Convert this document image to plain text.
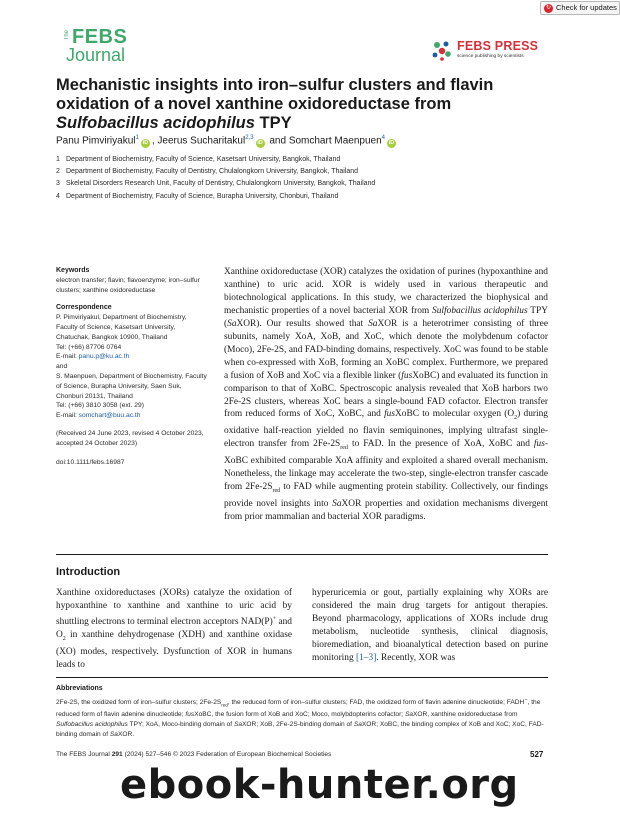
↻ Check for updates
The FEBS
Journal	FEBS PRESS
science publishing by scientists
Mechanistic insights into iron–sulfur clusters and flavin
oxidation of a novel xanthine oxidoreductase from
Sulfobacillus acidophilus TPY
Panu Pimviriyakul$^1$iD , Jeerus Sucharitakul$^{2,3}$iD and Somchart Maenpuen$^4$iD
1 Department of Biochemistry, Faculty of Science, Kasetsart University, Bangkok, Thailand
2 Department of Biochemistry, Faculty of Dentistry, Chulalongkorn University, Bangkok, Thailand
3 Skeletal Disorders Research Unit, Faculty of Dentistry, Chulalongkorn University, Bangkok, Thailand
4 Department of Biochemistry, Faculty of Science, Burapha University, Chonburi, Thailand
Keywords
electron transfer; flavin; flavoenzyme; iron–sulfur clusters; xanthine oxidoreductase
Correspondence
P. Pimviriyakul, Department of Biochemistry, Faculty of Science, Kasetsart University, Chatuchak, Bangkok 10900, Thailand
Tel: (+66) 87706 0764
E-mail: panu.p@ku.ac.th
and
S. Maenpuen, Department of Biochemistry, Faculty of Science, Burapha University, Saen Suk, Chonburi 20131, Thailand
Tel: (+66) 3810 3058 (ext. 29)
E-mail: somchart@buu.ac.th
(Received 24 June 2023, revised 4 October 2023, accepted 24 October 2023)
doi:10.1111/febs.16987

Xanthine oxidoreductase (XOR) catalyzes the oxidation of purines (hypoxanthine and xanthine) to uric acid. XOR is widely used in various therapeutic and biotechnological applications. In this study, we characterized the biophysical and mechanistic properties of a novel bacterial XOR from Sulfobacillus acidophilus TPY (SaXOR). Our results showed that SaXOR is a heterotrimer consisting of three subunits, namely XoA, XoB, and XoC, which denote the molybdenum cofactor (Moco), 2Fe-2S, and FAD-binding domains, respectively. XoC was found to be stable when co-expressed with XoB, forming an XoBC complex. Furthermore, we prepared a fusion of XoB and XoC via a flexible linker (fusXoBC) and evaluated its function in comparison to that of XoBC. Spectroscopic analysis revealed that XoB harbors two 2Fe-2S clusters, whereas XoC bears a single-bound FAD cofactor. Electron transfer from reduced forms of XoC, XoBC, and fusXoBC to molecular oxygen $(O_2)$ during oxidative half-reaction yielded no flavin semiquinones, implying ultrafast single-electron transfer from $2Fe-2S_{red}$ to FAD. In the presence of XoA, XoBC and fus-XoBC exhibited comparable XoA affinity and exploited a shared overall mechanism. Nonetheless, the linkage may accelerate the two-step, single-electron transfer cascade from $2Fe-2S_{red}$ to FAD while augmenting protein stability. Collectively, our findings provide novel insights into SaXOR properties and oxidation mechanisms divergent from prior mammalian and bacterial XOR paradigms.

Introduction

Xanthine oxidoreductases (XORs) catalyze the oxidation of hypoxanthine to xanthine and xanthine to uric acid by shuttling electrons to terminal electron acceptors NAD(P)+ and $O_2$ in xanthine dehydrogenase (XDH) and xanthine oxidase (XO) modes, respectively. Dysfunction of XOR in humans leads to

hyperuricemia or gout, partially explaining why XORs are considered the main drug targets for antigout therapies. Beyond pharmacology, applications of XORs include drug metabolism, nucleotide synthesis, clinical diagnosis, bioremediation, and bioanalytical detection based on purine monitoring [1–3]. Recently, XOR was

Abbreviations

2Fe-2S, the oxidized form of iron–sulfur clusters; $2Fe-2S_{red}$, the reduced form of iron–sulfur clusters; FAD, the oxidized form of flavin adenine dinucleotide; FADH−, the reduced form of flavin adenine dinucleotide; fusXoBC, the fusion form of XoB and XoC; Moco, molybdopterins cofactor; SaXOR, xanthine oxidoreductase from Sulfobacillus acidophilus TPY; XoA, Moco-binding domain of SaXOR; XoB, 2Fe-2S-binding domain of SaXOR; XoBC, the binding complex of XoB and XoC; XoC, FAD-binding domain of SaXOR.

The FEBS Journal 291 (2024) 527–546 © 2023 Federation of European Biochemical Societies	527
ebook-hunter.org
